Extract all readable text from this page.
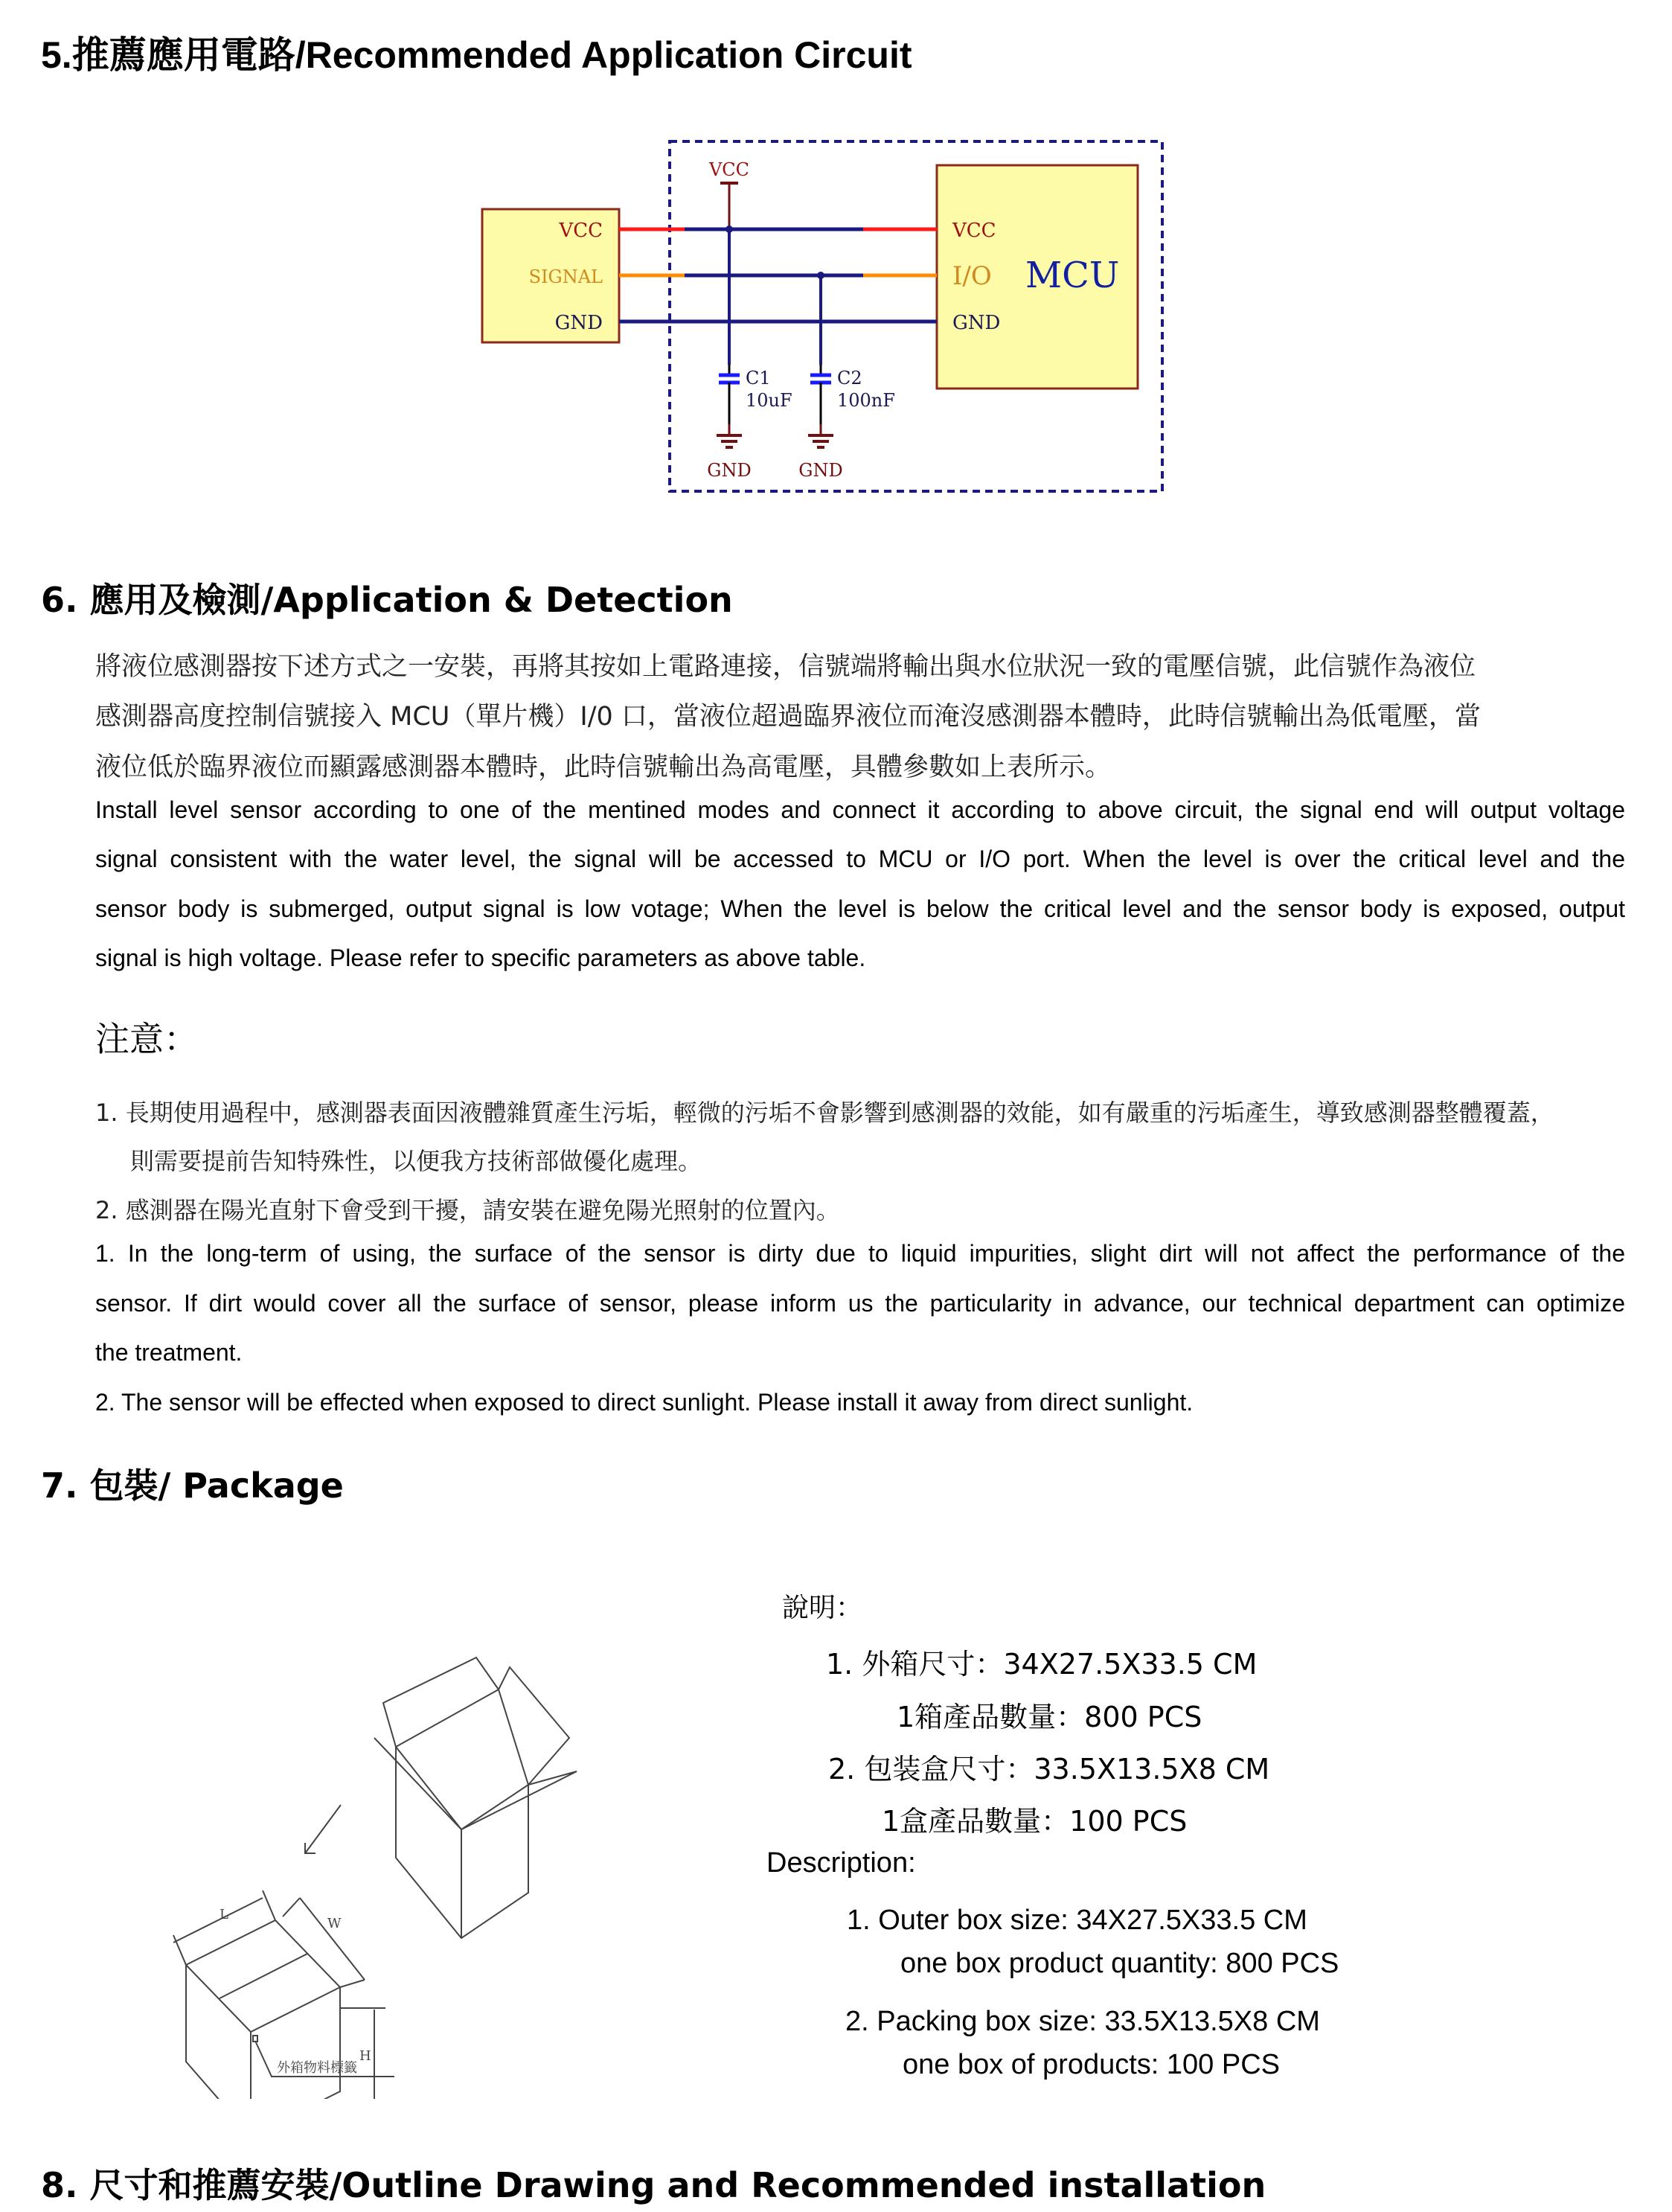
5.推薦應用電路/Recommended Application Circuit
VCC
SIGNAL
GND
VCC
I/O
GND
MCU
VCC
C1
10uF
C2
100nF
GND	GND
6. 應用及檢測/Application & Detection
將液位感測器按下述方式之一安裝，再將其按如上電路連接，信號端將輸出與水位狀況一致的電壓信號，此信號作為液位
感測器高度控制信號接入 MCU（單片機）I/0 口，當液位超過臨界液位而淹沒感測器本體時，此時信號輸出為低電壓，當
液位低於臨界液位而顯露感測器本體時，此時信號輸出為高電壓，具體參數如上表所示。
Install level sensor according to one of the mentined modes and connect it according to above circuit, the signal end will output voltage
signal consistent with the water level, the signal will be accessed to MCU or I/O port. When the level is over the critical level and the
sensor body is submerged, output signal is low votage; When the level is below the critical level and the sensor body is exposed, output
signal is high voltage. Please refer to specific parameters as above table.
注意：
1. 長期使用過程中，感測器表面因液體雜質產生污垢，輕微的污垢不會影響到感測器的效能，如有嚴重的污垢產生，導致感測器整體覆蓋，
則需要提前告知特殊性，以便我方技術部做優化處理。
2. 感測器在陽光直射下會受到干擾，請安裝在避免陽光照射的位置內。
1. In the long-term of using, the surface of the sensor is dirty due to liquid impurities, slight dirt will not affect the performance of the
sensor. If dirt would cover all the surface of sensor, please inform us the particularity in advance, our technical department can optimize
the treatment.
2. The sensor will be effected when exposed to direct sunlight. Please install it away from direct sunlight.
7. 包裝/ Package
L
W
H
外箱物料標籤
說明：
1. 外箱尺寸：34X27.5X33.5 CM
1箱產品數量：800 PCS
2. 包装盒尺寸：33.5X13.5X8 CM
1盒產品數量：100 PCS
Description:
1. Outer box size: 34X27.5X33.5 CM
one box product quantity: 800 PCS
2. Packing box size: 33.5X13.5X8 CM
one box of products: 100 PCS
8. 尺寸和推薦安裝/Outline Drawing and Recommended installation
